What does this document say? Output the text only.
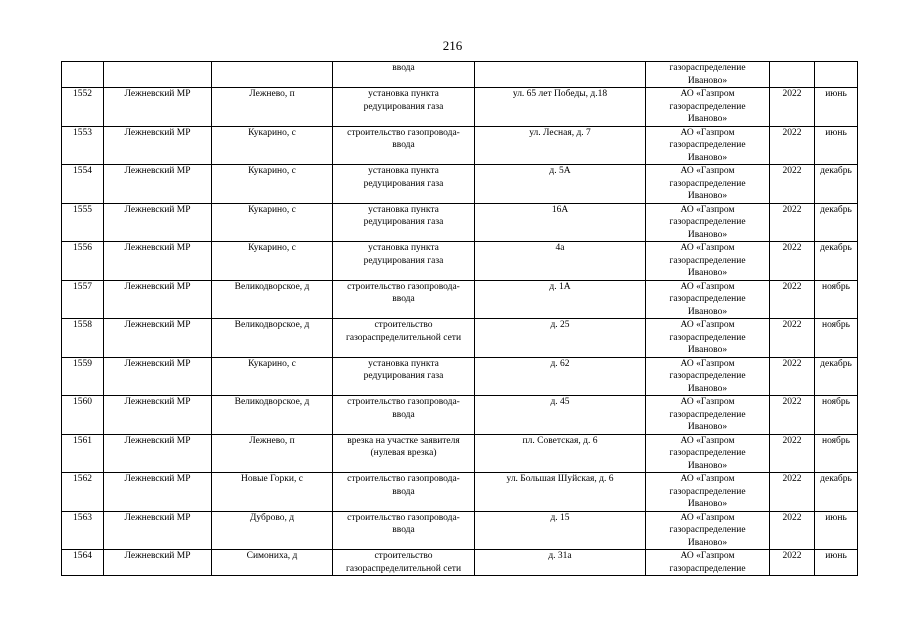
216

			ввода		газораспределение
Иваново»		

1552	Лежневский МР	Лежнево, п	установка пункта
редуцирования газа	ул. 65 лет Победы, д.18	АО «Газпром
газораспределение
Иваново»	2022	июнь
1553	Лежневский МР	Кукарино, с	строительство газопровода-
ввода	ул. Лесная, д. 7	АО «Газпром
газораспределение
Иваново»	2022	июнь
1554	Лежневский МР	Кукарино, с	установка пункта
редуцирования газа	д. 5А	АО «Газпром
газораспределение
Иваново»	2022	декабрь
1555	Лежневский МР	Кукарино, с	установка пункта
редуцирования газа	16А	АО «Газпром
газораспределение
Иваново»	2022	декабрь
1556	Лежневский МР	Кукарино, с	установка пункта
редуцирования газа	4а	АО «Газпром
газораспределение
Иваново»	2022	декабрь
1557	Лежневский МР	Великодворское, д	строительство газопровода-
ввода	д. 1А	АО «Газпром
газораспределение
Иваново»	2022	ноябрь
1558	Лежневский МР	Великодворское, д	строительство
газораспределительной сети	д. 25	АО «Газпром
газораспределение
Иваново»	2022	ноябрь
1559	Лежневский МР	Кукарино, с	установка пункта
редуцирования газа	д. 62	АО «Газпром
газораспределение
Иваново»	2022	декабрь
1560	Лежневский МР	Великодворское, д	строительство газопровода-
ввода	д. 45	АО «Газпром
газораспределение
Иваново»	2022	ноябрь
1561	Лежневский МР	Лежнево, п	врезка на участке заявителя
(нулевая врезка)	пл. Советская, д. 6	АО «Газпром
газораспределение
Иваново»	2022	ноябрь
1562	Лежневский МР	Новые Горки, с	строительство газопровода-
ввода	ул. Большая Шуйская, д. 6	АО «Газпром
газораспределение
Иваново»	2022	декабрь
1563	Лежневский МР	Дуброво, д	строительство газопровода-
ввода	д. 15	АО «Газпром
газораспределение
Иваново»	2022	июнь
1564	Лежневский МР	Симониха, д	строительство
газораспределительной сети	д. 31а	АО «Газпром
газораспределение	2022	июнь
